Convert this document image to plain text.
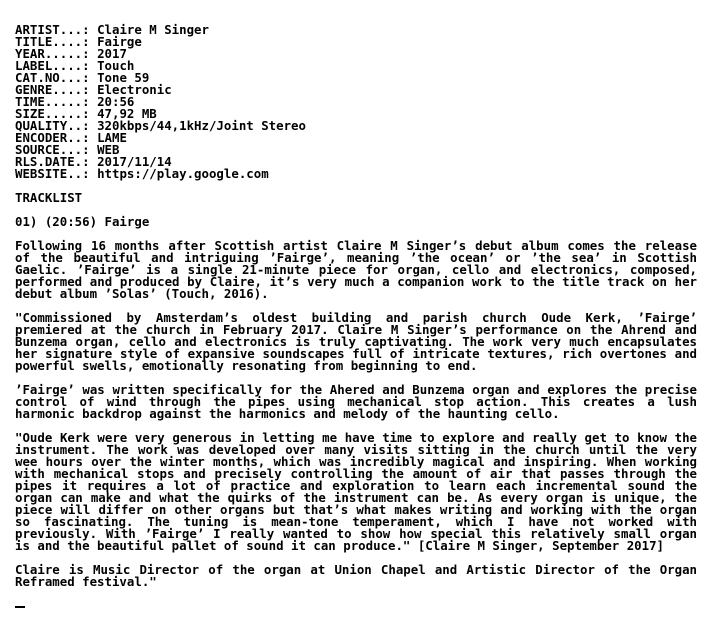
ARTIST...: Claire M Singer
TITLE....: Fairge
YEAR.....: 2017
LABEL....: Touch
CAT.NO...: Tone 59
GENRE....: Electronic
TIME.....: 20:56
SIZE.....: 47,92 MB
QUALITY..: 320kbps/44,1kHz/Joint Stereo
ENCODER..: LAME
SOURCE...: WEB
RLS.DATE.: 2017/11/14
WEBSITE..: https://play.google.com
TRACKLIST
01) (20:56) Fairge

Following 16 months after Scottish artist Claire M Singer’s debut album comes the release of the beautiful and intriguing ’Fairge’, meaning ’the ocean’ or ’the sea’ in Scottish Gaelic. ’Fairge’ is a single 21-minute piece for organ, cello and electronics, composed, performed and produced by Claire, it’s very much a companion work to the title track on her debut album ’Solas’ (Touch, 2016).

"Commissioned by Amsterdam’s oldest building and parish church Oude Kerk, ’Fairge’ premiered at the church in February 2017. Claire M Singer’s performance on the Ahrend and Bunzema organ, cello and electronics is truly captivating. The work very much encapsulates her signature style of expansive soundscapes full of intricate textures, rich overtones and powerful swells, emotionally resonating from beginning to end.

’Fairge’ was written specifically for the Ahered and Bunzema organ and explores the precise control of wind through the pipes using mechanical stop action. This creates a lush harmonic backdrop against the harmonics and melody of the haunting cello.

"Oude Kerk were very generous in letting me have time to explore and really get to know the instrument. The work was developed over many visits sitting in the church until the very wee hours over the winter months, which was incredibly magical and inspiring. When working with mechanical stops and precisely controlling the amount of air that passes through the pipes it requires a lot of practice and exploration to learn each incremental sound the organ can make and what the quirks of the instrument can be. As every organ is unique, the piece will differ on other organs but that’s what makes writing and working with the organ so fascinating. The tuning is mean-tone temperament, which I have not worked with previously. With ’Fairge’ I really wanted to show how special this relatively small organ is and the beautiful pallet of sound it can produce." [Claire M Singer, September 2017]

Claire is Music Director of the organ at Union Chapel and Artistic Director of the Organ Reframed festival."
